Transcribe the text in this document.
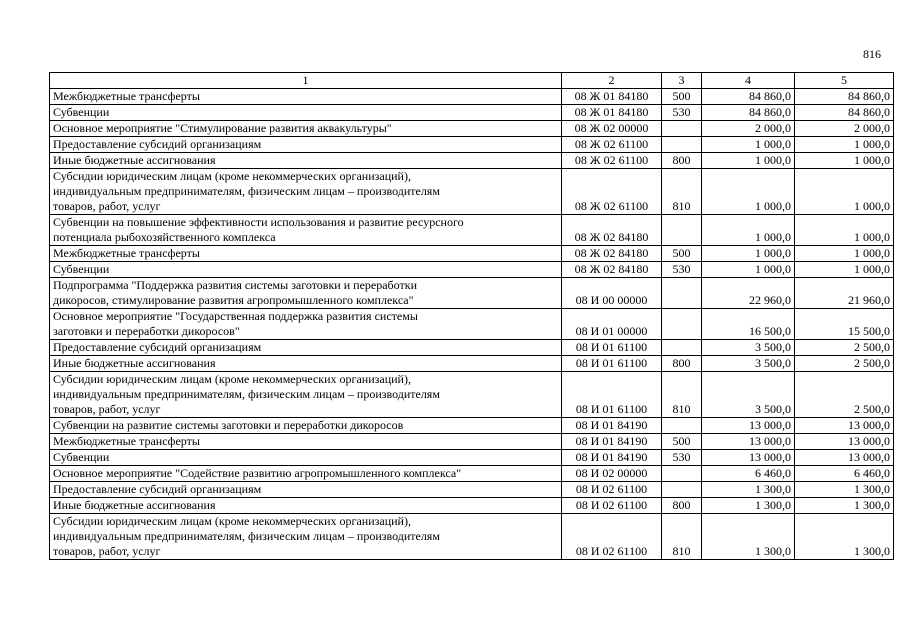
816
1	2	3	4	5

Межбюджетные трансферты	08 Ж 01 84180	500	84 860,0	84 860,0

Субвенции	08 Ж 01 84180	530	84 860,0	84 860,0

Основное мероприятие "Стимулирование развития аквакультуры"	08 Ж 02 00000		2 000,0	2 000,0

Предоставление субсидий организациям	08 Ж 02 61100		1 000,0	1 000,0

Иные бюджетные ассигнования	08 Ж 02 61100	800	1 000,0	1 000,0

Субсидии юридическим лицам (кроме некоммерческих организаций),
индивидуальным предпринимателям, физическим лицам – производителям
товаров, работ, услуг	08 Ж 02 61100	810	1 000,0	1 000,0

Субвенции на повышение эффективности использования и развитие ресурсного
потенциала рыбохозяйственного комплекса	08 Ж 02 84180		1 000,0	1 000,0

Межбюджетные трансферты	08 Ж 02 84180	500	1 000,0	1 000,0

Субвенции	08 Ж 02 84180	530	1 000,0	1 000,0

Подпрограмма "Поддержка развития системы заготовки и переработки
дикоросов, стимулирование развития агропромышленного комплекса"	08 И 00 00000		22 960,0	21 960,0

Основное мероприятие "Государственная поддержка развития системы
заготовки и переработки дикоросов"	08 И 01 00000		16 500,0	15 500,0

Предоставление субсидий организациям	08 И 01 61100		3 500,0	2 500,0

Иные бюджетные ассигнования	08 И 01 61100	800	3 500,0	2 500,0

Субсидии юридическим лицам (кроме некоммерческих организаций),
индивидуальным предпринимателям, физическим лицам – производителям
товаров, работ, услуг	08 И 01 61100	810	3 500,0	2 500,0

Субвенции на развитие системы заготовки и переработки дикоросов	08 И 01 84190		13 000,0	13 000,0

Межбюджетные трансферты	08 И 01 84190	500	13 000,0	13 000,0

Субвенции	08 И 01 84190	530	13 000,0	13 000,0

Основное мероприятие "Содействие развитию агропромышленного комплекса"	08 И 02 00000		6 460,0	6 460,0

Предоставление субсидий организациям	08 И 02 61100		1 300,0	1 300,0

Иные бюджетные ассигнования	08 И 02 61100	800	1 300,0	1 300,0

Субсидии юридическим лицам (кроме некоммерческих организаций),
индивидуальным предпринимателям, физическим лицам – производителям
товаров, работ, услуг	08 И 02 61100	810	1 300,0	1 300,0
